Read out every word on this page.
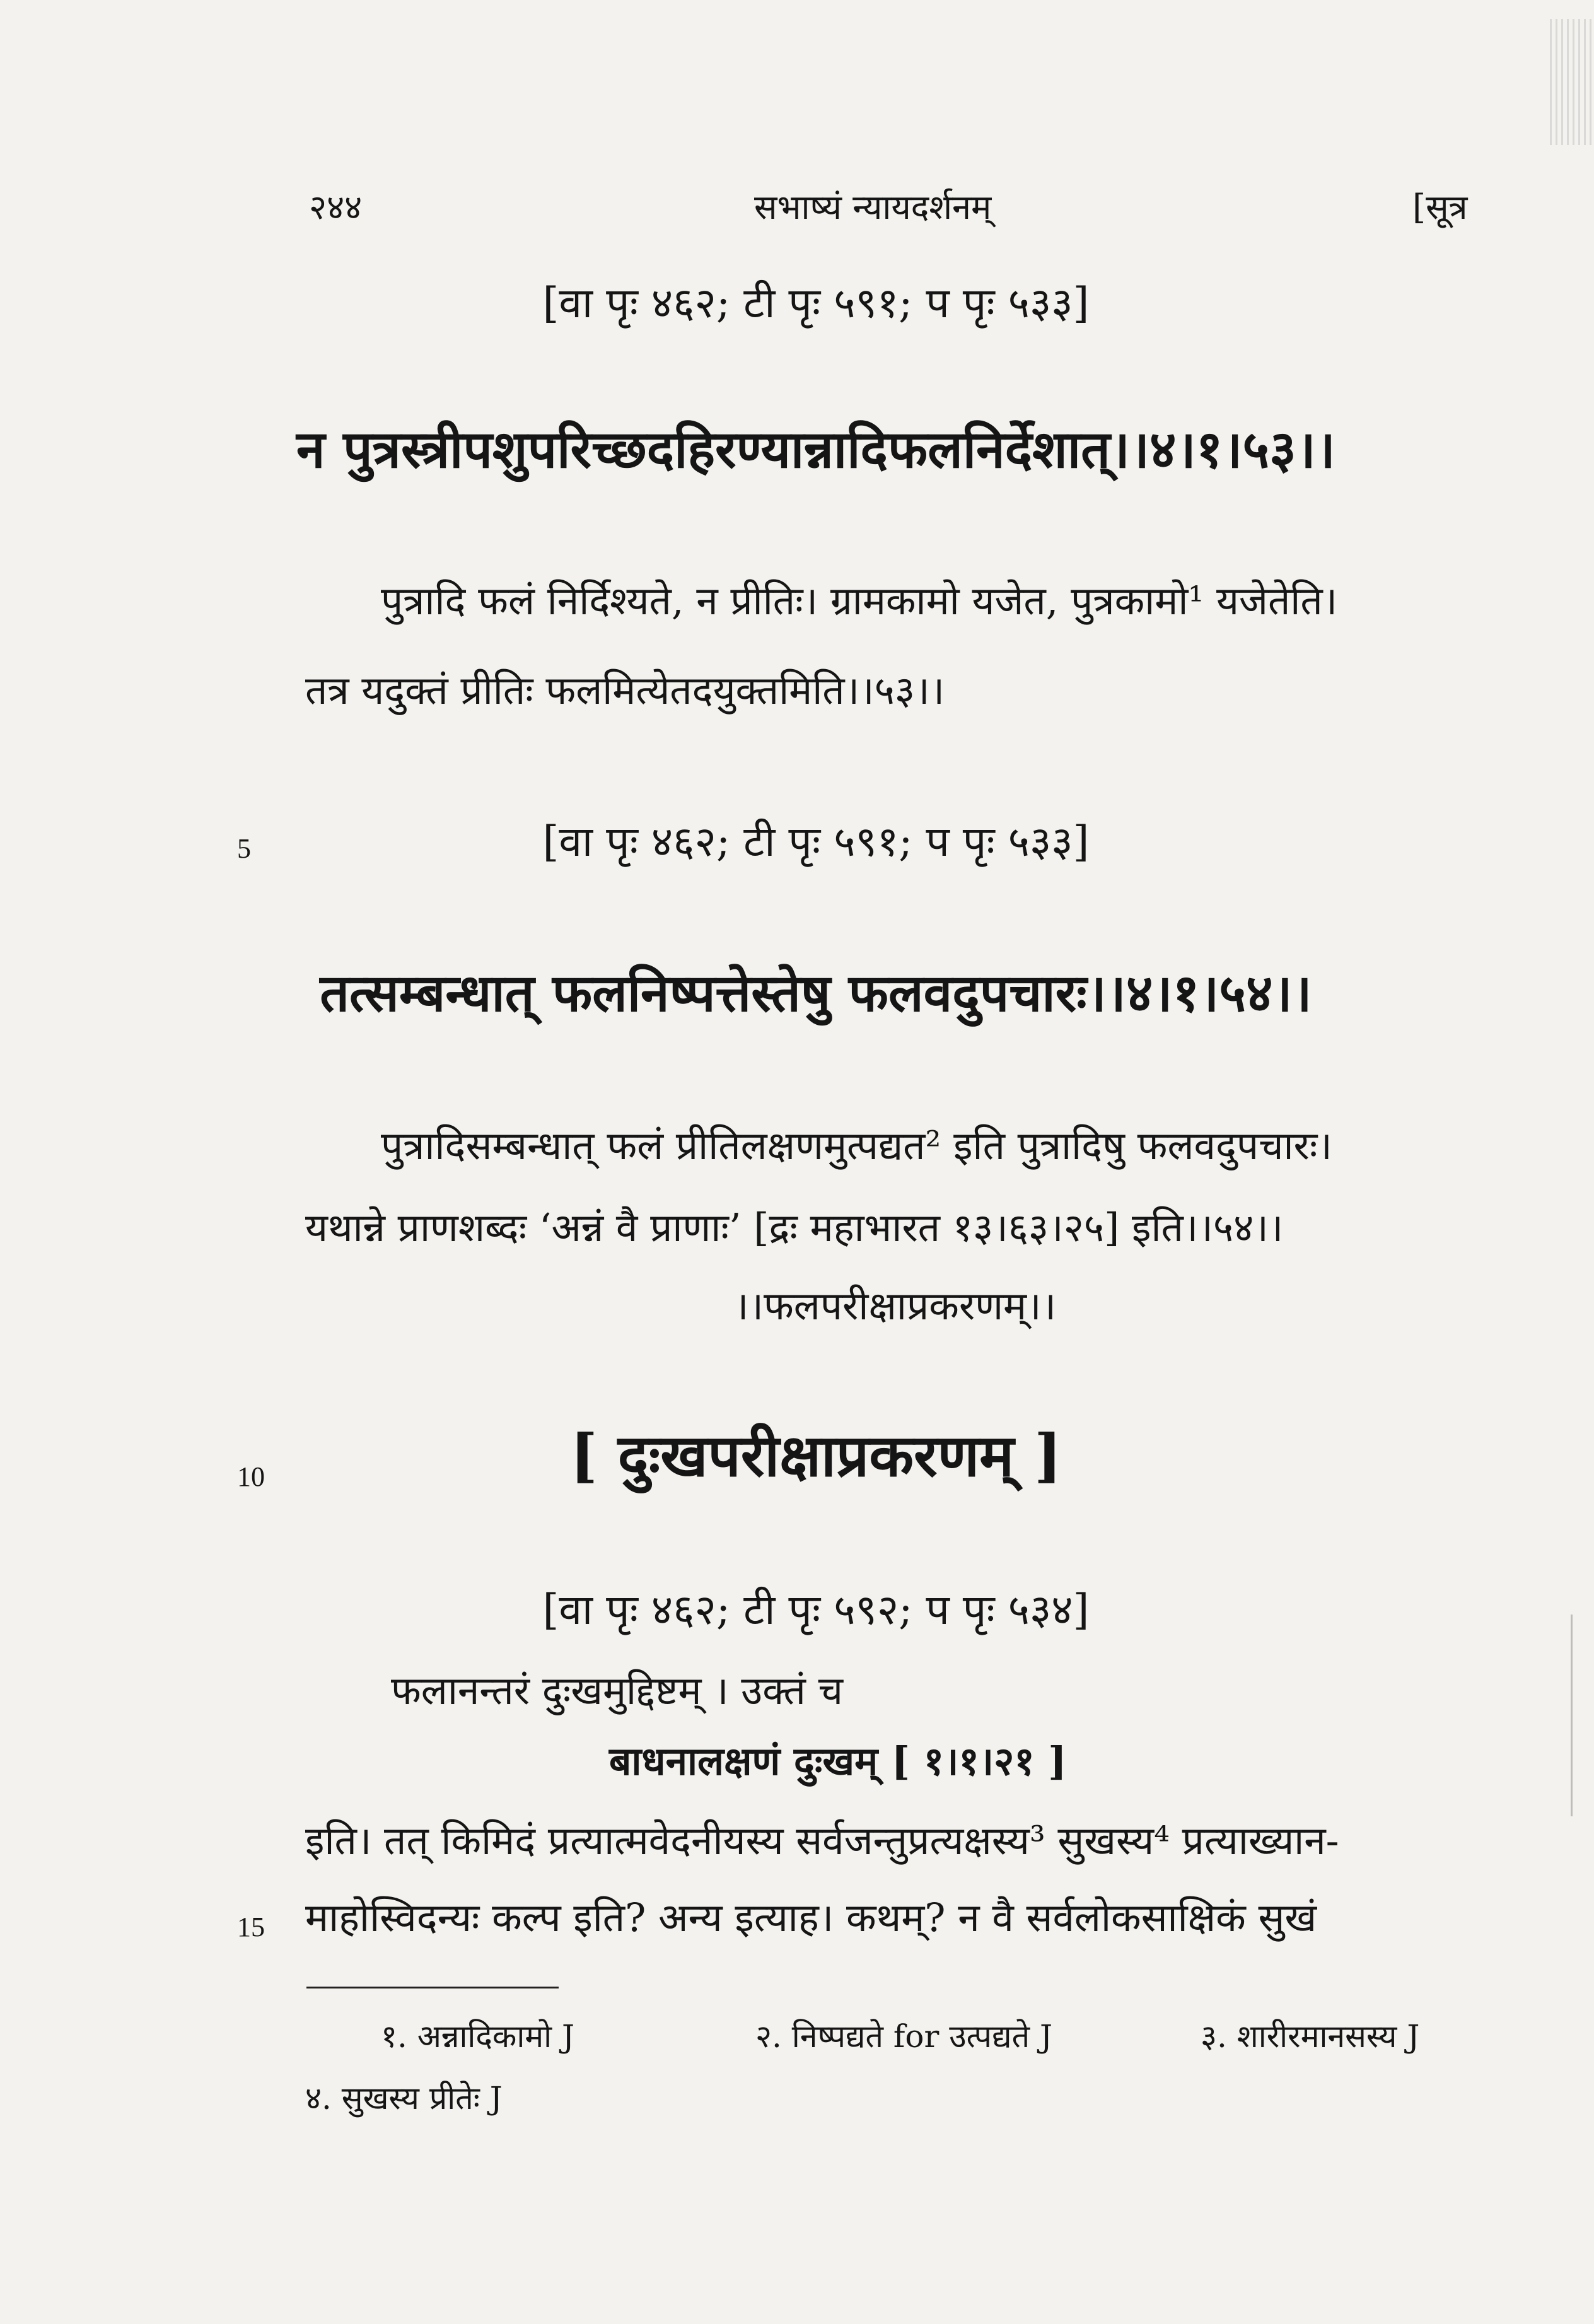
२४४	सभाष्यं न्यायदर्शनम्	[सूत्र
[वा पृः ४६२; टी पृः ५९१; प पृः ५३३]
न पुत्रस्त्रीपशुपरिच्छदहिरण्यान्नादिफलनिर्देशात्।।४।१।५३।।
पुत्रादि फलं निर्दिश्यते, न प्रीतिः। ग्रामकामो यजेत, पुत्रकामो¹ यजेतेति।
तत्र यदुक्तं प्रीतिः फलमित्येतदयुक्तमिति।।५३।।
5	[वा पृः ४६२; टी पृः ५९१; प पृः ५३३]
तत्सम्बन्धात् फलनिष्पत्तेस्तेषु फलवदुपचारः।।४।१।५४।।
पुत्रादिसम्बन्धात् फलं प्रीतिलक्षणमुत्पद्यत² इति पुत्रादिषु फलवदुपचारः।
यथान्ने प्राणशब्दः ‘अन्नं वै प्राणाः’ [द्रः महाभारत १३।६३।२५] इति।।५४।।
।।फलपरीक्षाप्रकरणम्।।
10	[ दुःखपरीक्षाप्रकरणम् ]
[वा पृः ४६२; टी पृः ५९२; प पृः ५३४]
फलानन्तरं दुःखमुद्दिष्टम् । उक्तं च
बाधनालक्षणं दुःखम् [ १।१।२१ ]
इति। तत् किमिदं प्रत्यात्मवेदनीयस्य सर्वजन्तुप्रत्यक्षस्य³ सुखस्य⁴ प्रत्याख्यान-
15 माहोस्विदन्यः कल्प इति? अन्य इत्याह। कथम्? न वै सर्वलोकसाक्षिकं सुखं
१. अन्नादिकामो J	२. निष्पद्यते for उत्पद्यते J	३. शारीरमानसस्य J
४. सुखस्य प्रीतेः J
